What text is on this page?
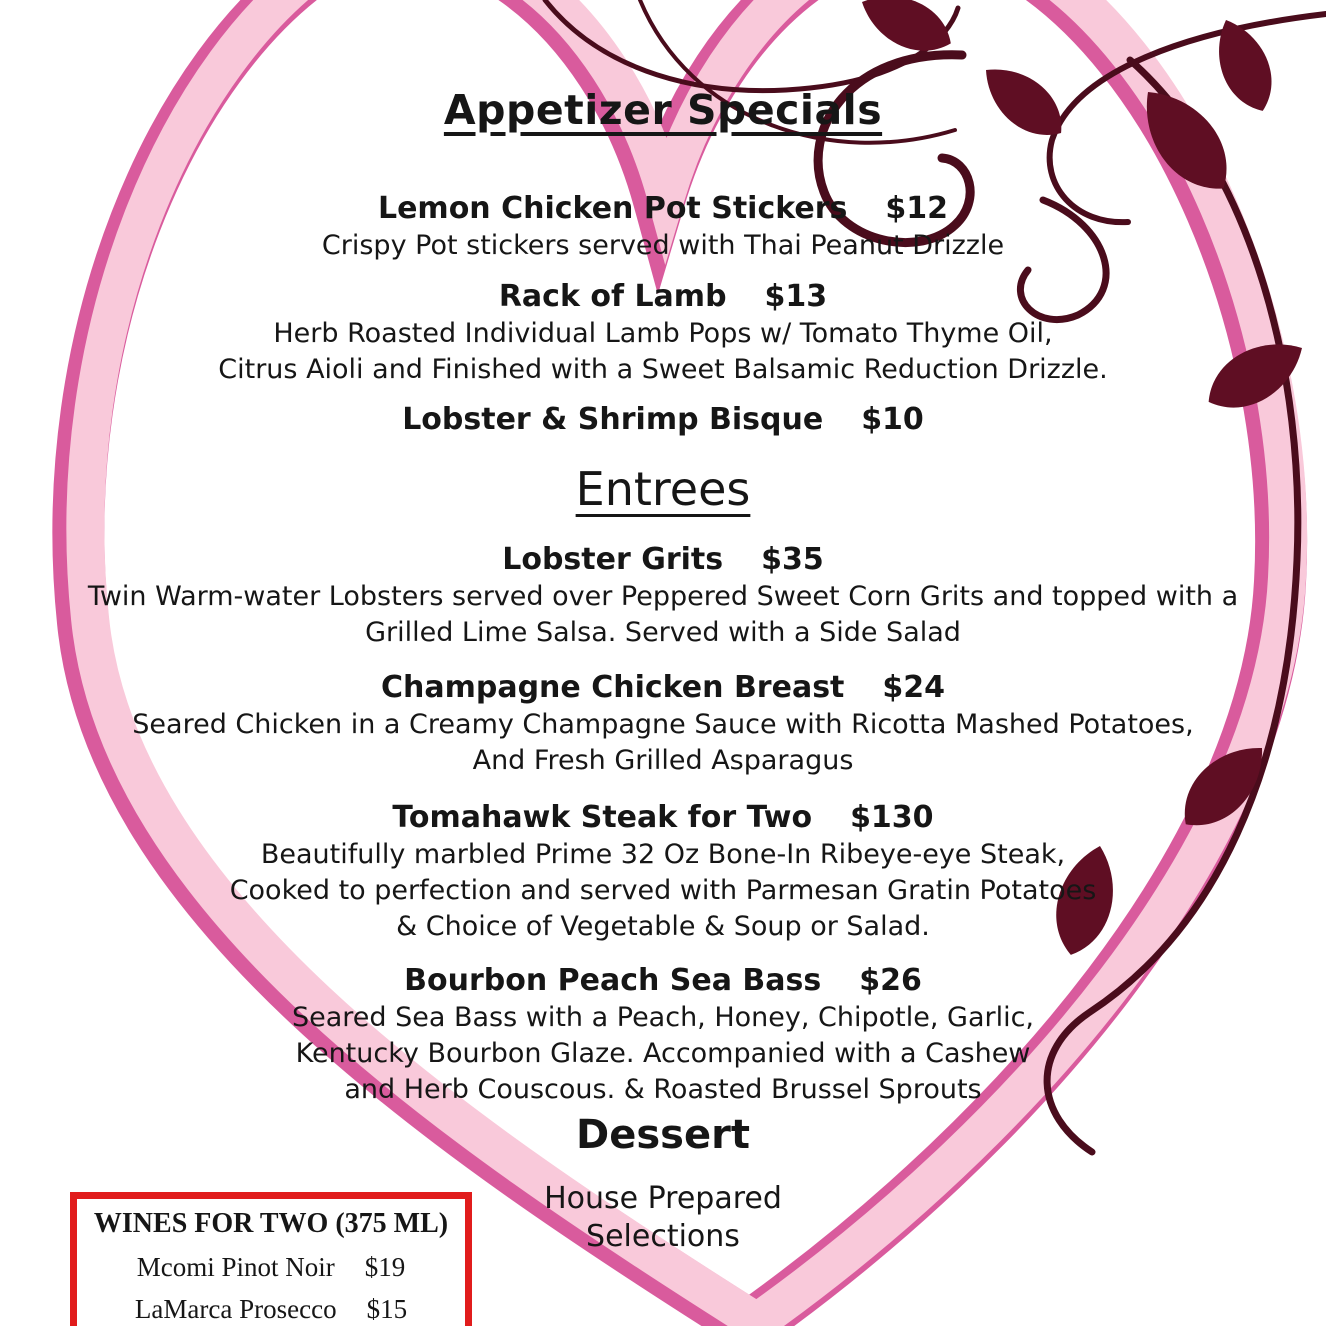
Appetizer Specials
Lemon Chicken Pot Stickers $12
Crispy Pot stickers served with Thai Peanut Drizzle
Rack of Lamb $13
Herb Roasted Individual Lamb Pops w/ Tomato Thyme Oil,
Citrus Aioli and Finished with a Sweet Balsamic Reduction Drizzle.
Lobster & Shrimp Bisque $10
Entrees
Lobster Grits $35
Twin Warm-water Lobsters served over Peppered Sweet Corn Grits and topped with a
Grilled Lime Salsa. Served with a Side Salad
Champagne Chicken Breast $24
Seared Chicken in a Creamy Champagne Sauce with Ricotta Mashed Potatoes,
And Fresh Grilled Asparagus
Tomahawk Steak for Two $130
Beautifully marbled Prime 32 Oz Bone-In Ribeye-eye Steak,
Cooked to perfection and served with Parmesan Gratin Potatoes
& Choice of Vegetable & Soup or Salad.
Bourbon Peach Sea Bass $26
Seared Sea Bass with a Peach, Honey, Chipotle, Garlic,
Kentucky Bourbon Glaze. Accompanied with a Cashew
and Herb Couscous. & Roasted Brussel Sprouts
Dessert
House Prepared
Selections
WINES FOR TWO (375 ML)
Mcomi Pinot Noir $19
LaMarca Prosecco $15
